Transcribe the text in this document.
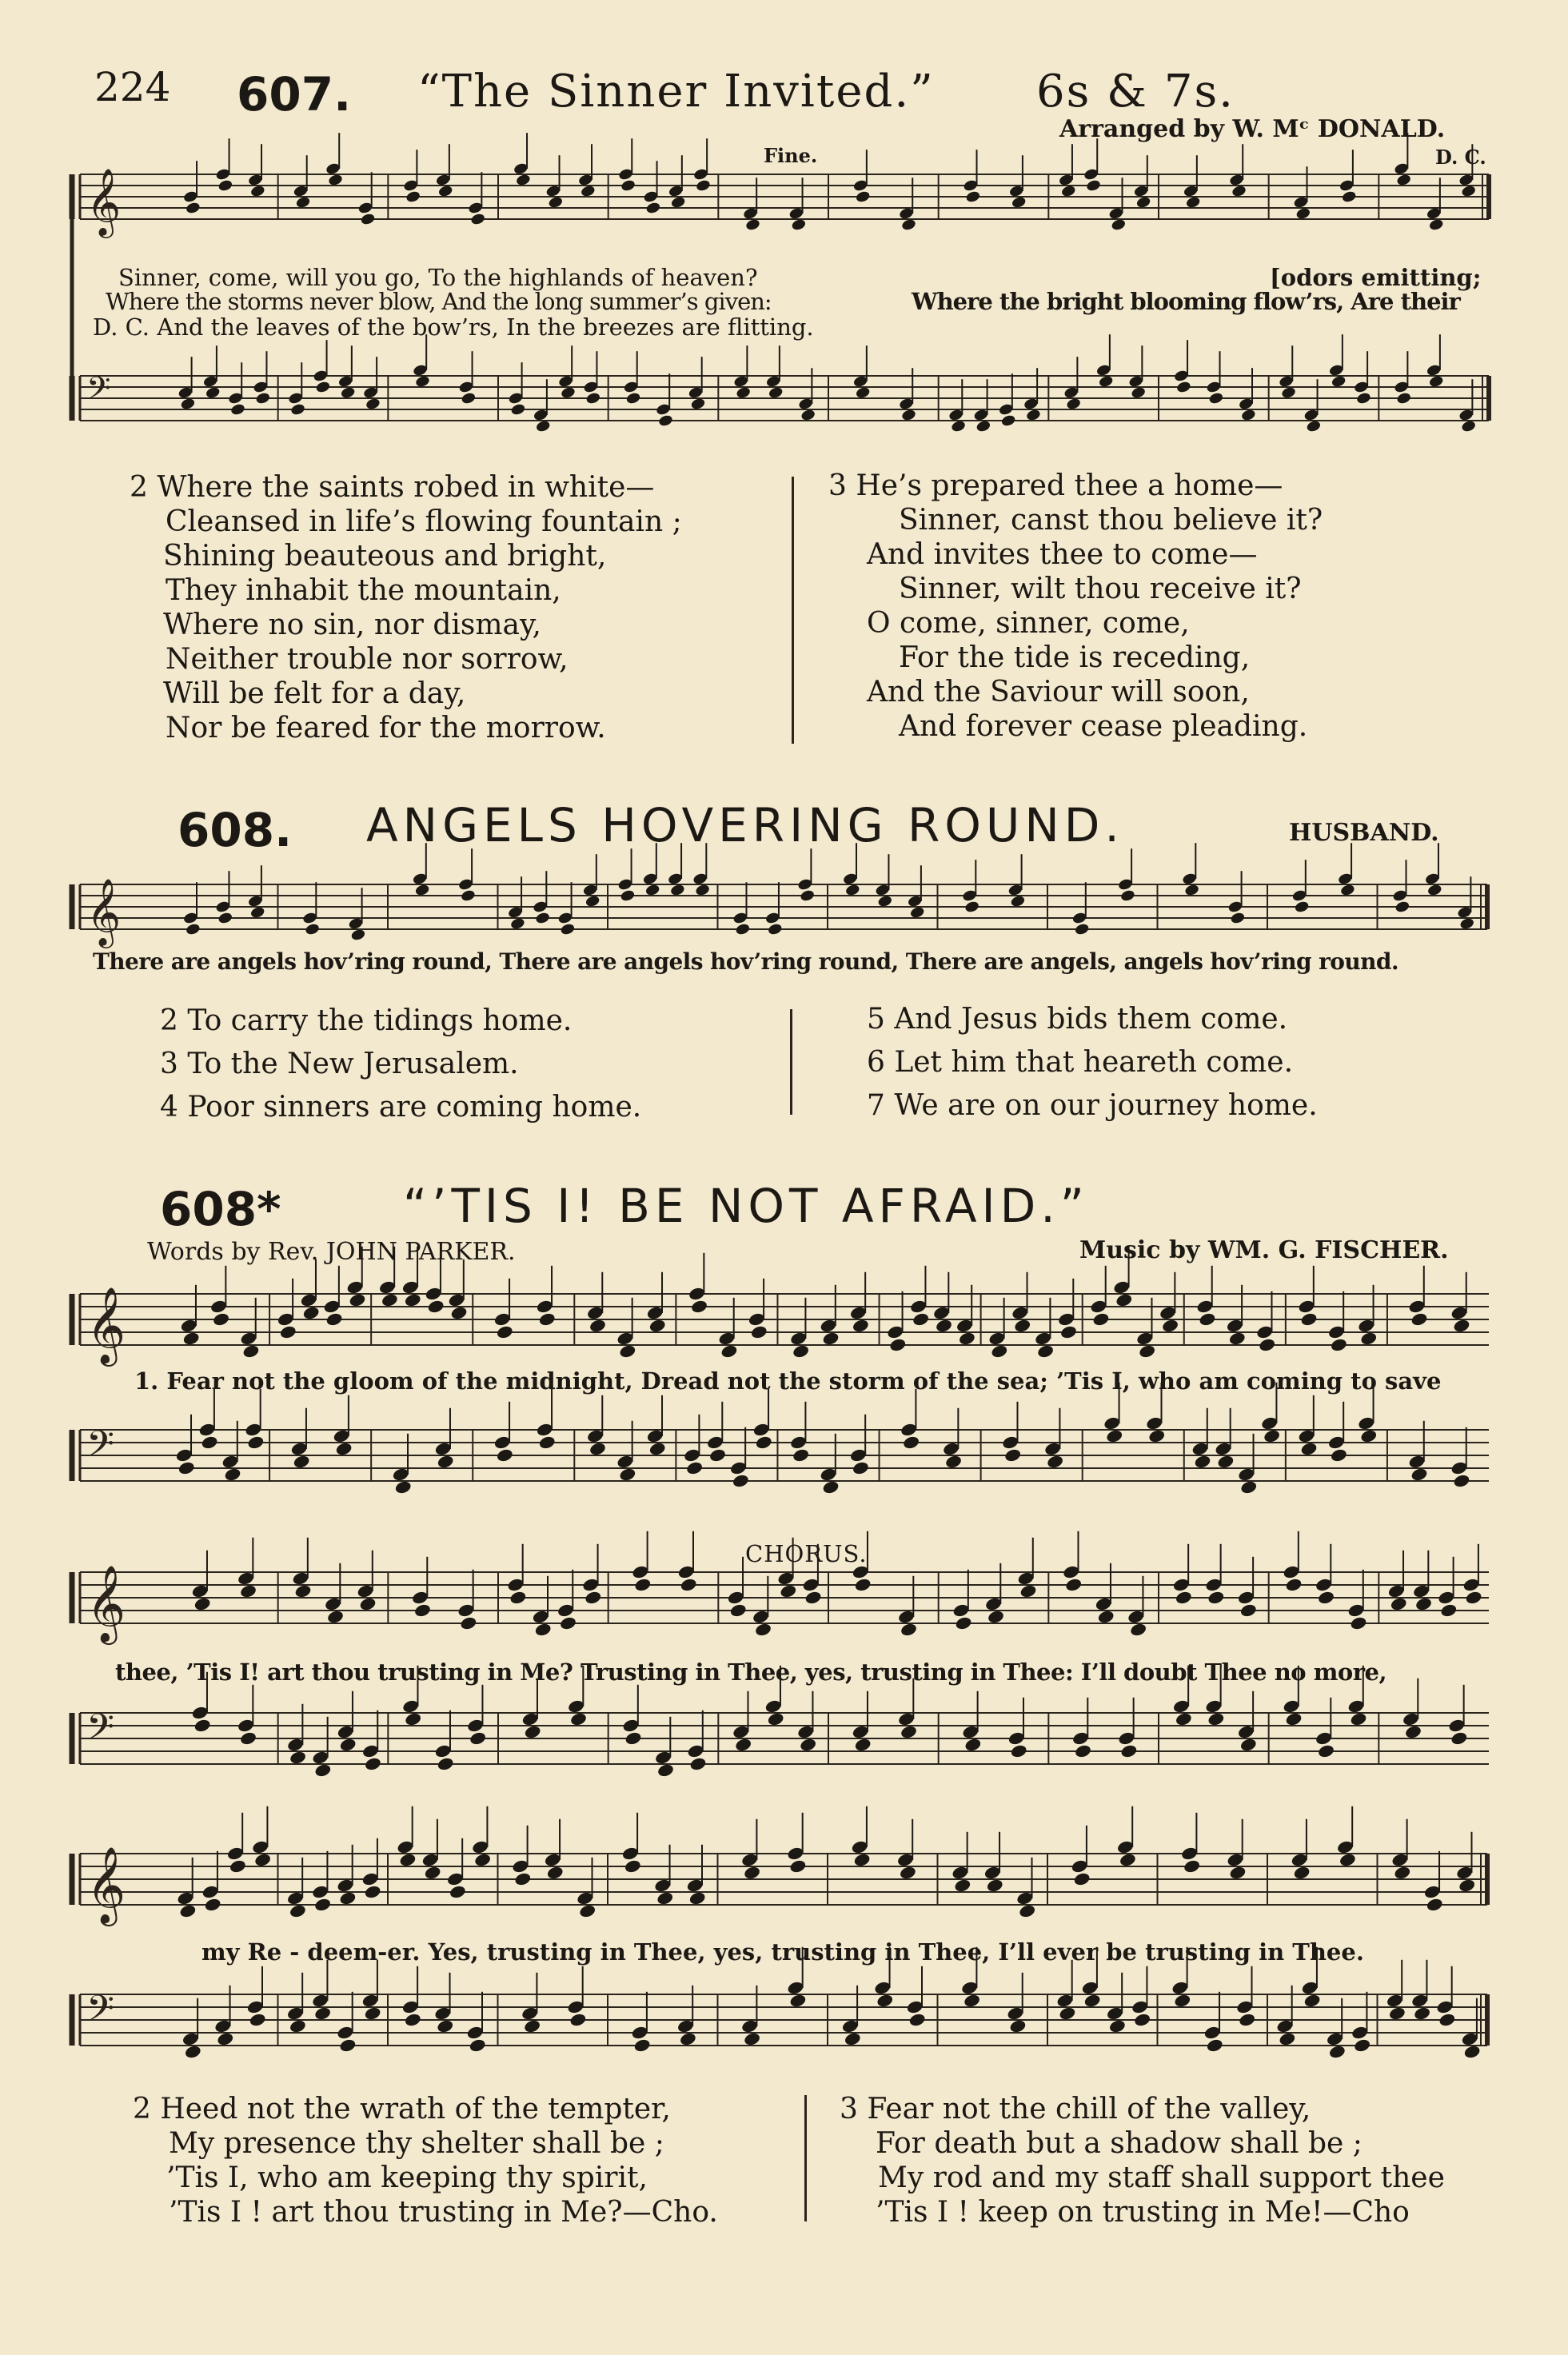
𝄞
𝄢
𝄞
𝄞
𝄢
𝄞
𝄢
𝄞
𝄢
224 607. “The Sinner Invited.” 6s & 7s.
Arranged by W. Mᶜ DONALD.
Fine.	D. C.
Sinner, come, will you go, To the highlands of heaven?	[odors emitting;
Where the storms never blow, And the long summer’s given:	Where the bright blooming flow’rs, Are their
D. C. And the leaves of the bow’rs, In the breezes are flitting.
2 Where the saints robed in white—
Cleansed in life’s flowing fountain ;
Shining beauteous and bright,
They inhabit the mountain,
Where no sin, nor dismay,
Neither trouble nor sorrow,
Will be felt for a day,
Nor be feared for the morrow.
3 He’s prepared thee a home—
Sinner, canst thou believe it?
And invites thee to come—
Sinner, wilt thou receive it?
O come, sinner, come,
For the tide is receding,
And the Saviour will soon,
And forever cease pleading.
608. ANGELS HOVERING ROUND.	HUSBAND.
There are angels hov’ring round, There are angels hov’ring round, There are angels, angels hov’ring round.
2 To carry the tidings home.
3 To the New Jerusalem.
4 Poor sinners are coming home.
5 And Jesus bids them come.
6 Let him that heareth come.
7 We are on our journey home.
608*	“’TIS I! BE NOT AFRAID.”
Words by Rev. JOHN PARKER.	Music by WM. G. FISCHER.
1. Fear not the gloom of the midnight, Dread not the storm of the sea; ’Tis I, who am coming to save
CHORUS.
thee, ’Tis I! art thou trusting in Me? Trusting in Thee, yes, trusting in Thee: I’ll doubt Thee no more,
my Re - deem-er. Yes, trusting in Thee, yes, trusting in Thee, I’ll ever be trusting in Thee.
2 Heed not the wrath of the tempter,
My presence thy shelter shall be ;
’Tis I, who am keeping thy spirit,
’Tis I ! art thou trusting in Me?—Cho.
3 Fear not the chill of the valley,
For death but a shadow shall be ;
My rod and my staff shall support thee
’Tis I ! keep on trusting in Me!—Cho
